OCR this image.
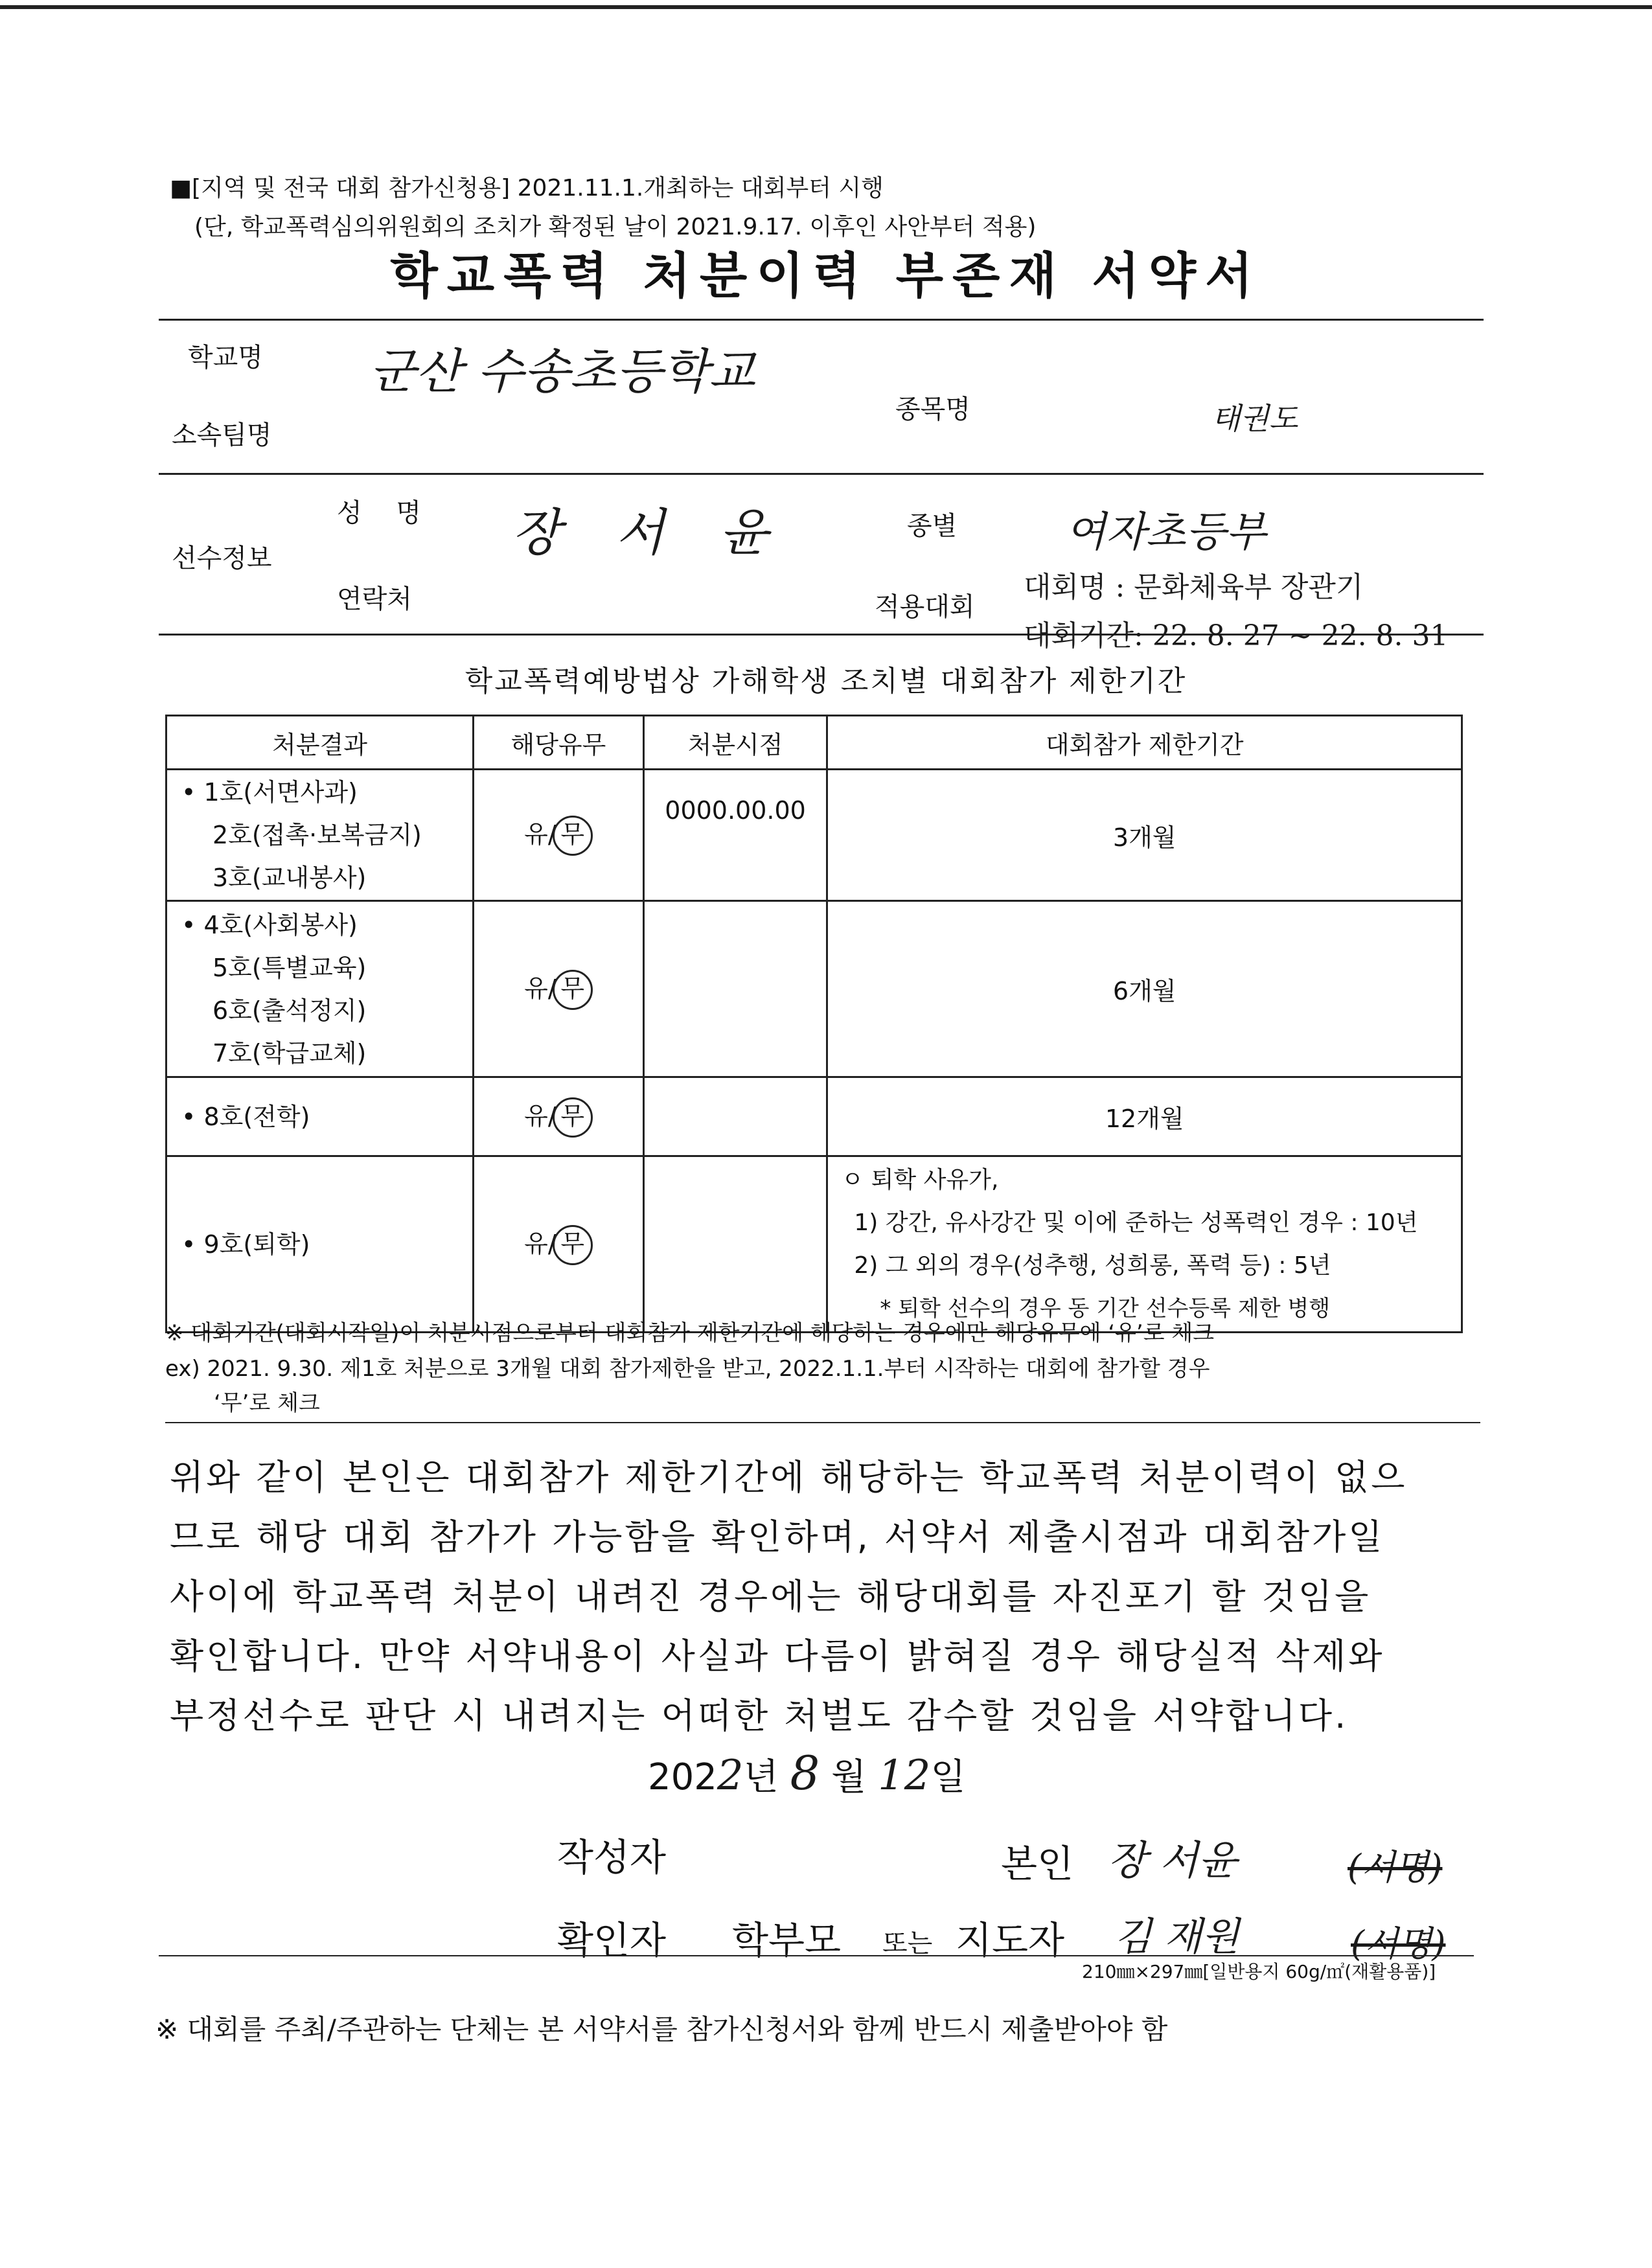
■[지역 및 전국 대회 참가신청용] 2021.11.1.개최하는 대회부터 시행
(단, 학교폭력심의위원회의 조치가 확정된 날이 2021.9.17. 이후인 사안부터 적용)
학교폭력 처분이력 부존재 서약서
학교명 군산 수송초등학교
소속팀명
종목명	태권도
선수정보
성 명 장 서 윤	종별	여자초등부
연락처	적용대회
대회명 : 문화체육부 장관기
대회기간: 22. 8. 27 ~ 22. 8. 31
학교폭력예방법상 가해학생 조치별 대회참가 제한기간
처분결과	해당유무	처분시점	대회참가 제한기간

• 1호(서면사과)
2호(접촉·보복금지)
3호(교내봉사)	유/ 무	0000.00.00	3개월

• 4호(사회봉사)
5호(특별교육)
6호(출석정지)
7호(학급교체)	유/ 무		6개월

• 8호(전학)	유/ 무		12개월

• 9호(퇴학)	유/ 무		ㅇ 퇴학 사유가,
1) 강간, 유사강간 및 이에 준하는 성폭력인 경우 : 10년
2) 그 외의 경우(성추행, 성희롱, 폭력 등) : 5년
* 퇴학 선수의 경우 동 기간 선수등록 제한 병행
※ 대회기간(대회시작일)이 처분시점으로부터 대회참가 제한기간에 해당하는 경우에만 해당유무에 ‘유’로 체크
ex) 2021. 9.30. 제1호 처분으로 3개월 대회 참가제한을 받고, 2022.1.1.부터 시작하는 대회에 참가할 경우
‘무’로 체크
위와 같이 본인은 대회참가 제한기간에 해당하는 학교폭력 처분이력이 없으
므로 해당 대회 참가가 가능함을 확인하며, 서약서 제출시점과 대회참가일
사이에 학교폭력 처분이 내려진 경우에는 해당대회를 자진포기 할 것임을
확인합니다. 만약 서약내용이 사실과 다름이 밝혀질 경우 해당실적 삭제와
부정선수로 판단 시 내려지는 어떠한 처벌도 감수할 것임을 서약합니다.
2022년 8 월 12일
작성자	본인 장 서윤	(서명)
확인자 학부모 또는 지도자 김 재원	(서명)
210㎜×297㎜[일반용지 60g/㎡(재활용품)]
※ 대회를 주최/주관하는 단체는 본 서약서를 참가신청서와 함께 반드시 제출받아야 함
